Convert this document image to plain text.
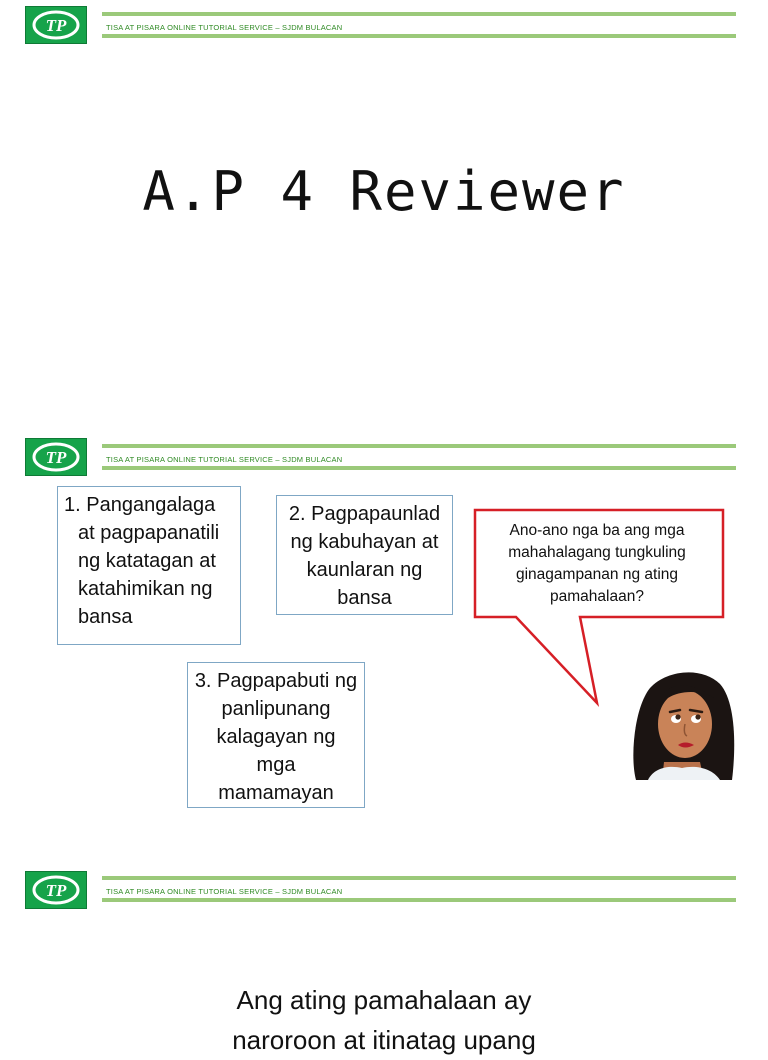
TP	TISA AT PISARA ONLINE TUTORIAL SERVICE – SJDM BULACAN
A.P 4 Reviewer
TP	TISA AT PISARA ONLINE TUTORIAL SERVICE – SJDM BULACAN
1. Pangangalaga
at pagpapanatili
ng katatagan at
katahimikan ng
bansa
2. Pagpapaunlad
ng kabuhayan at
kaunlaran ng
bansa
3. Pagpapabuti ng
panlipunang
kalagayan ng
mga
mamamayan
Ano-ano nga ba ang mga
mahahalagang tungkuling
ginagampanan ng ating
pamahalaan?
TP	TISA AT PISARA ONLINE TUTORIAL SERVICE – SJDM BULACAN
Ang ating pamahalaan ay
naroroon at itinatag upang
